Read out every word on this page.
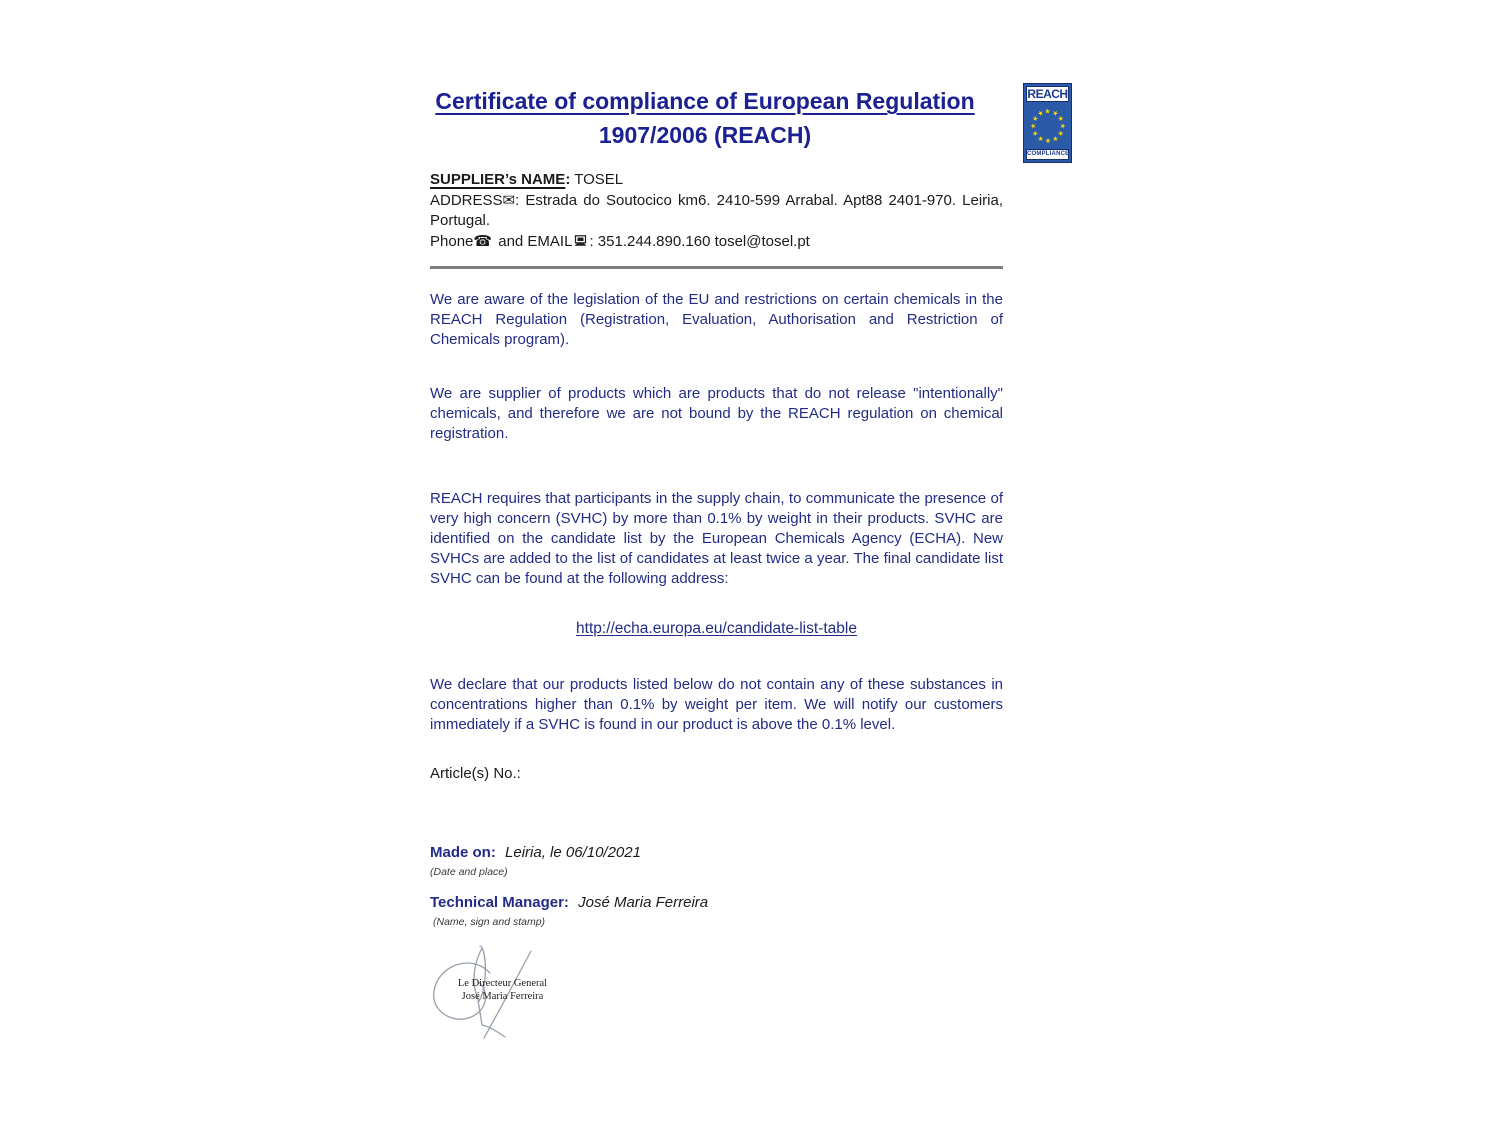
Certificate of compliance of European Regulation
1907/2006 (REACH)
REACH
★ ★
★
★
★
★
★
★
★
★
★
★
COMPLIANCE
SUPPLIER’s NAME: TOSEL
ADDRESS✉: Estrada do Soutocico km6. 2410-599 Arrabal. Apt88 2401-970. Leiria, Portugal.
Phone☎ and EMAIL : 351.244.890.160 tosel@tosel.pt

We are aware of the legislation of the EU and restrictions on certain chemicals in the REACH Regulation (Registration, Evaluation, Authorisation and Restriction of Chemicals program).

We are supplier of products which are products that do not release "intentionally" chemicals, and therefore we are not bound by the REACH regulation on chemical registration.

REACH requires that participants in the supply chain, to communicate the presence of very high concern (SVHC) by more than 0.1% by weight in their products. SVHC are identified on the candidate list by the European Chemicals Agency (ECHA). New SVHCs are added to the list of candidates at least twice a year. The final candidate list SVHC can be found at the following address:

http://echa.europa.eu/candidate-list-table

We declare that our products listed below do not contain any of these substances in concentrations higher than 0.1% by weight per item. We will notify our customers immediately if a SVHC is found in our product is above the 0.1% level.

Article(s) No.:

Made on: Leiria, le 06/10/2021
(Date and place)
Technical Manager: José Maria Ferreira
(Name, sign and stamp)
Le Directeur General
José Maria Ferreira
